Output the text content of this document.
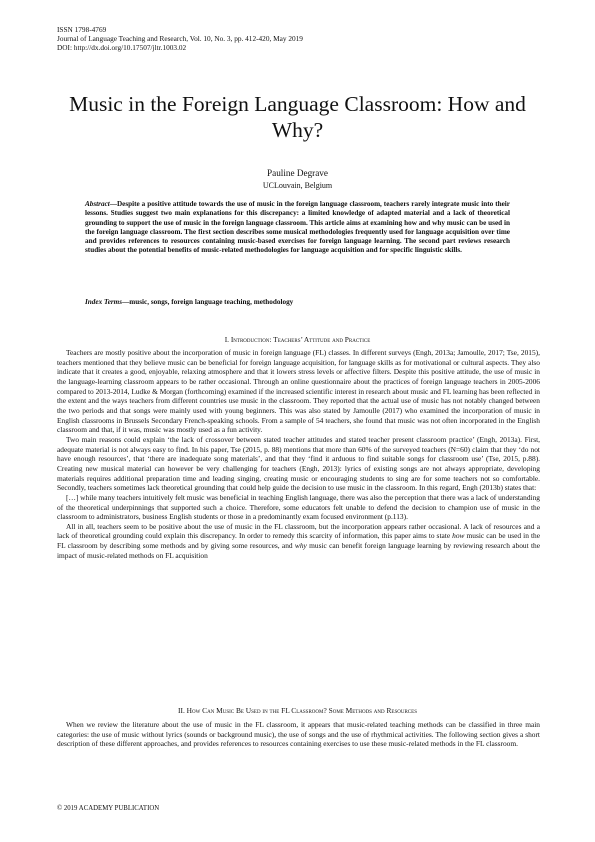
ISSN 1798-4769
Journal of Language Teaching and Research, Vol. 10, No. 3, pp. 412-420, May 2019
DOI: http://dx.doi.org/10.17507/jltr.1003.02
Music in the Foreign Language Classroom: How and Why?
Pauline Degrave
UCLouvain, Belgium
Abstract—Despite a positive attitude towards the use of music in the foreign language classroom, teachers rarely integrate music into their lessons. Studies suggest two main explanations for this discrepancy: a limited knowledge of adapted material and a lack of theoretical grounding to support the use of music in the foreign language classroom. This article aims at examining how and why music can be used in the foreign language classroom. The first section describes some musical methodologies frequently used for language acquisition over time and provides references to resources containing music-based exercises for foreign language learning. The second part reviews research studies about the potential benefits of music-related methodologies for language acquisition and for specific linguistic skills.
Index Terms—music, songs, foreign language teaching, methodology
I. Introduction: Teachers’ Attitude and Practice

Teachers are mostly positive about the incorporation of music in foreign language (FL) classes. In different surveys (Engh, 2013a; Jamoulle, 2017; Tse, 2015), teachers mentioned that they believe music can be beneficial for foreign language acquisition, for language skills as for motivational or cultural aspects. They also indicate that it creates a good, enjoyable, relaxing atmosphere and that it lowers stress levels or affective filters. Despite this positive attitude, the use of music in the language-learning classroom appears to be rather occasional. Through an online questionnaire about the practices of foreign language teachers in 2005-2006 compared to 2013-2014, Ludke & Morgan (forthcoming) examined if the increased scientific interest in research about music and FL learning has been reflected in the extent and the ways teachers from different countries use music in the classroom. They reported that the actual use of music has not notably changed between the two periods and that songs were mainly used with young beginners. This was also stated by Jamoulle (2017) who examined the incorporation of music in English classrooms in Brussels Secondary French-speaking schools. From a sample of 54 teachers, she found that music was not often incorporated in the English classroom and that, if it was, music was mostly used as a fun activity.

Two main reasons could explain ‘the lack of crossover between stated teacher attitudes and stated teacher present classroom practice’ (Engh, 2013a). First, adequate material is not always easy to find. In his paper, Tse (2015, p. 88) mentions that more than 60% of the surveyed teachers (N=60) claim that they ‘do not have enough resources’, that ‘there are inadequate song materials’, and that they ‘find it arduous to find suitable songs for classroom use’ (Tse, 2015, p.88). Creating new musical material can however be very challenging for teachers (Engh, 2013): lyrics of existing songs are not always appropriate, developing materials requires additional preparation time and leading singing, creating music or encouraging students to sing are for some teachers not so comfortable. Secondly, teachers sometimes lack theoretical grounding that could help guide the decision to use music in the classroom. In this regard, Engh (2013b) states that:

[…] while many teachers intuitively felt music was beneficial in teaching English language, there was also the perception that there was a lack of understanding of the theoretical underpinnings that supported such a choice. Therefore, some educators felt unable to defend the decision to champion use of music in the classroom to administrators, business English students or those in a predominantly exam focused environment (p.113).

All in all, teachers seem to be positive about the use of music in the FL classroom, but the incorporation appears rather occasional. A lack of resources and a lack of theoretical grounding could explain this discrepancy. In order to remedy this scarcity of information, this paper aims to state how music can be used in the FL classroom by describing some methods and by giving some resources, and why music can benefit foreign language learning by reviewing research about the impact of music-related methods on FL acquisition

II. How Can Music Be Used in the FL Classroom? Some Methods and Resources

When we review the literature about the use of music in the FL classroom, it appears that music-related teaching methods can be classified in three main categories: the use of music without lyrics (sounds or background music), the use of songs and the use of rhythmical activities. The following section gives a short description of these different approaches, and provides references to resources containing exercises to use these music-related methods in the FL classroom.

© 2019 ACADEMY PUBLICATION
